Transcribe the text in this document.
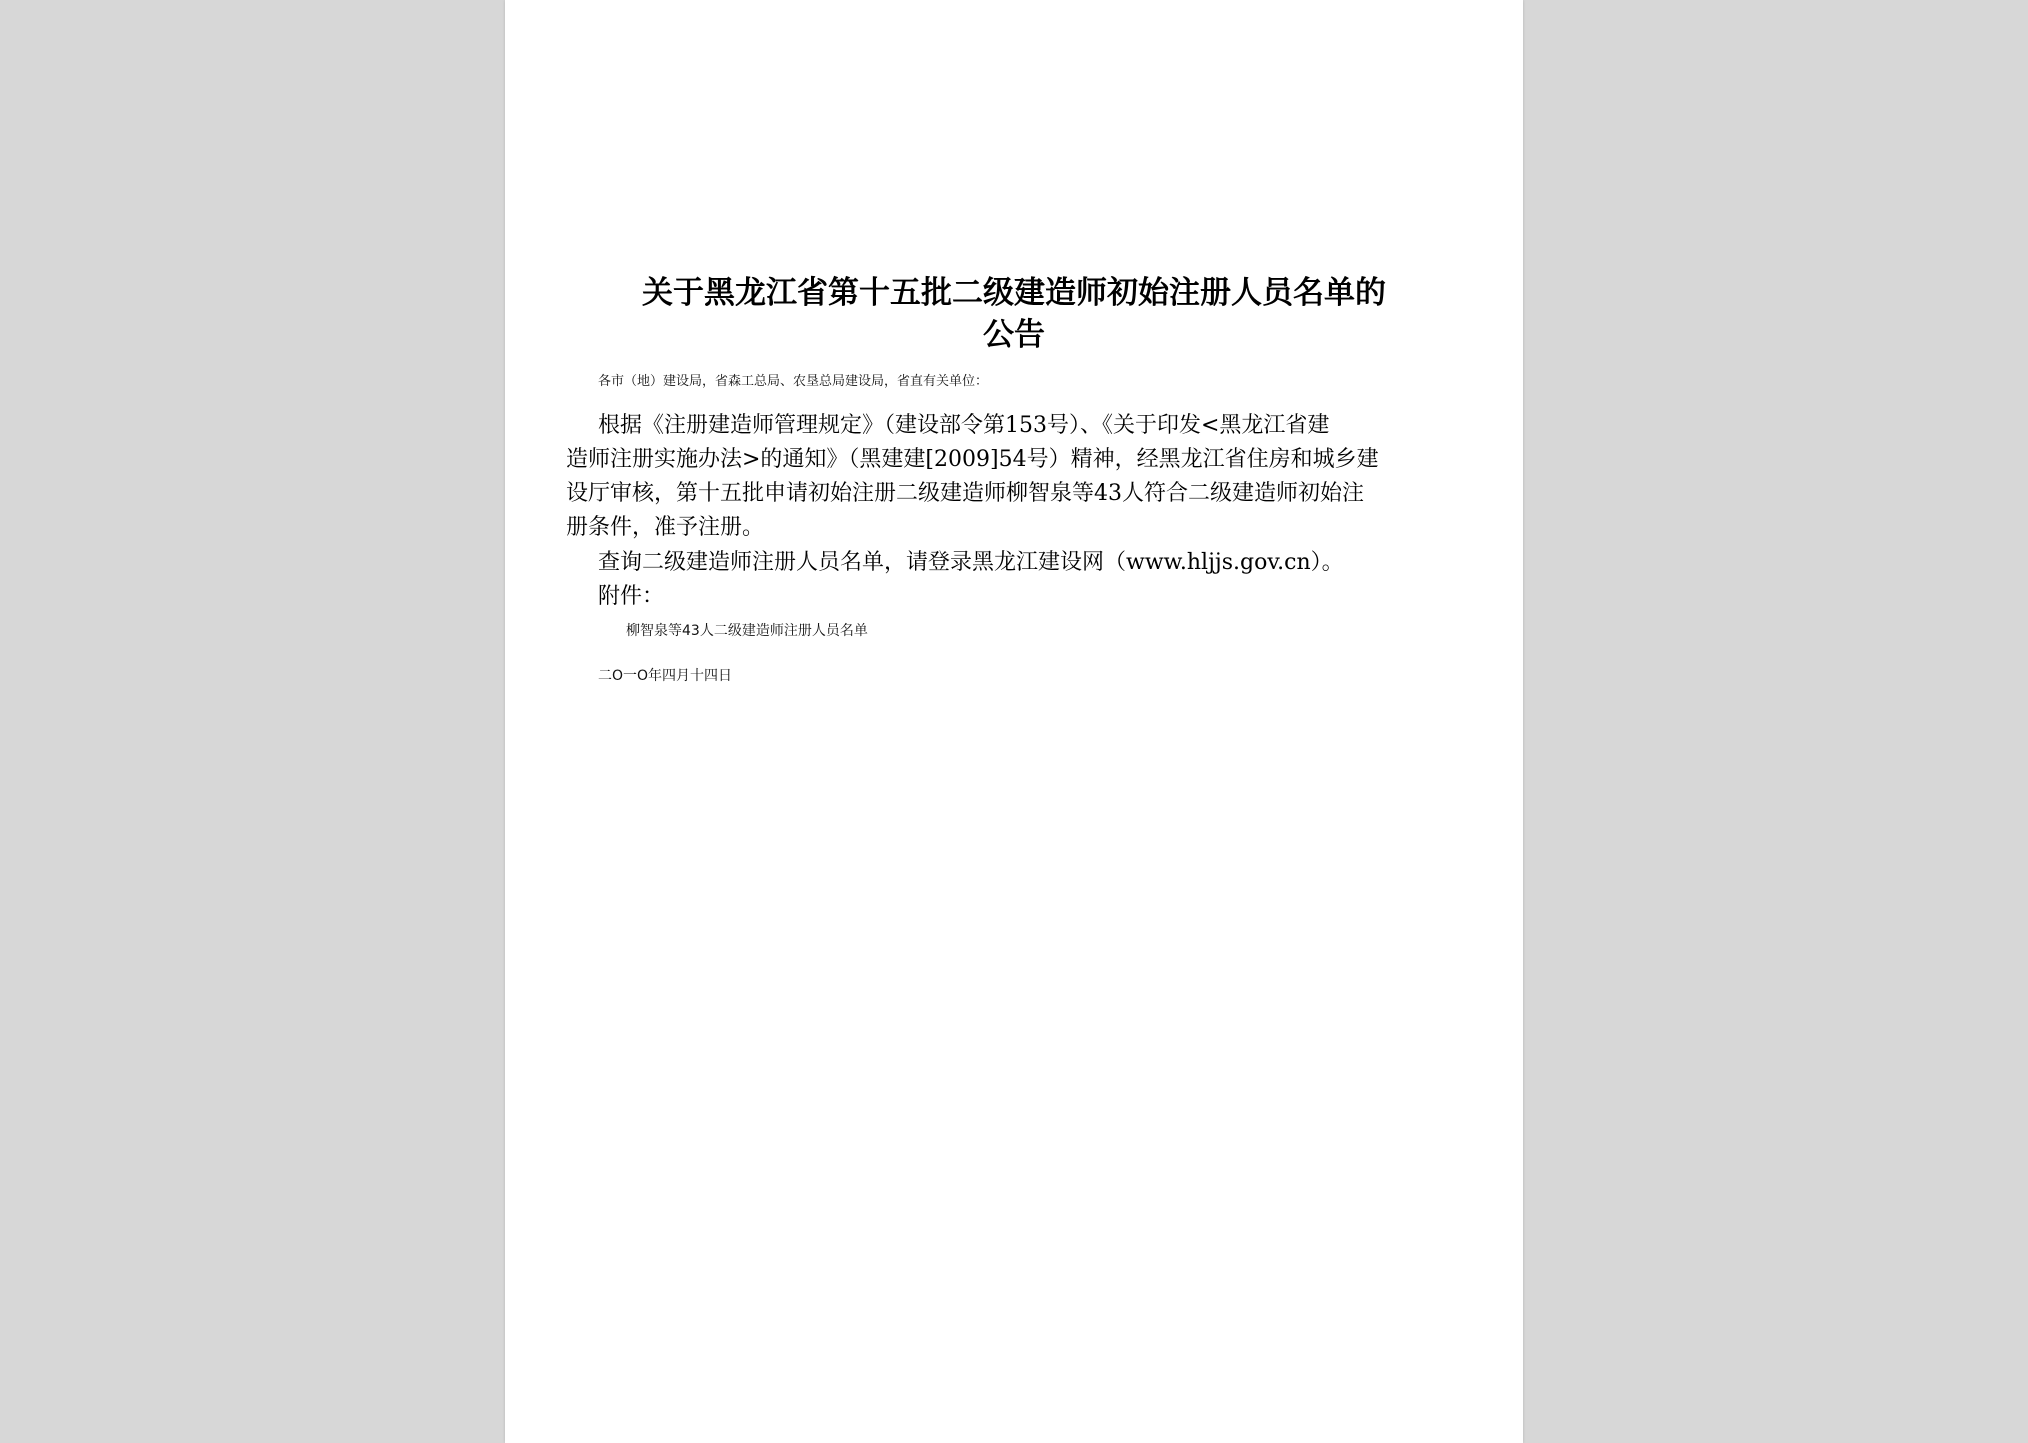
关于黑龙江省第十五批二级建造师初始注册人员名单的
公告
各市（地）建设局，省森工总局、农垦总局建设局，省直有关单位：
根据《注册建造师管理规定》（建设部令第153号）、《关于印发<黑龙江省建
造师注册实施办法>的通知》（黑建建[2009]54号）精神，经黑龙江省住房和城乡建
设厅审核，第十五批申请初始注册二级建造师柳智泉等43人符合二级建造师初始注
册条件，准予注册。
查询二级建造师注册人员名单，请登录黑龙江建设网（www.hljjs.gov.cn）。
附件：
柳智泉等43人二级建造师注册人员名单
二O一O年四月十四日
